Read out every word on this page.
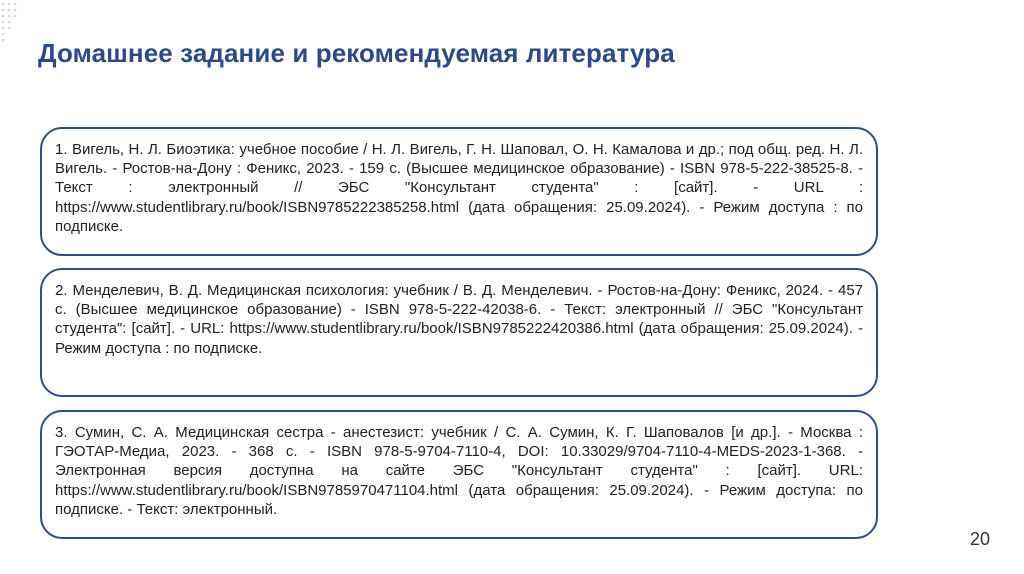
Домашнее задание и рекомендуемая литература

1. Вигель, Н. Л. Биоэтика: учебное пособие / Н. Л. Вигель, Г. Н. Шаповал, О. Н. Камалова и др.; под общ. ред. Н. Л. Вигель. - Ростов-на-Дону : Феникс, 2023. - 159 с. (Высшее медицинское образование) - ISBN 978-5-222-38525-8. - Текст : электронный // ЭБС "Консультант студента" : [сайт]. - URL : https://www.studentlibrary.ru/book/ISBN9785222385258.html (дата обращения: 25.09.2024). - Режим доступа : по подписке.

2. Менделевич, В. Д. Медицинская психология: учебник / В. Д. Менделевич. - Ростов-на-Дону: Феникс, 2024. - 457 с. (Высшее медицинское образование) - ISBN 978-5-222-42038-6. - Текст: электронный // ЭБС "Консультант студента": [сайт]. - URL: https://www.studentlibrary.ru/book/ISBN9785222420386.html (дата обращения: 25.09.2024). - Режим доступа : по подписке.

3. Сумин, С. А. Медицинская сестра - анестезист: учебник / С. А. Сумин, К. Г. Шаповалов [и др.]. - Москва : ГЭОТАР-Медиа, 2023. - 368 с. - ISBN 978-5-9704-7110-4, DOI: 10.33029/9704-7110-4-MEDS-2023-1-368. - Электронная версия доступна на сайте ЭБС "Консультант студента" : [сайт]. URL: https://www.studentlibrary.ru/book/ISBN9785970471104.html (дата обращения: 25.09.2024). - Режим доступа: по подписке. - Текст: электронный.

20
